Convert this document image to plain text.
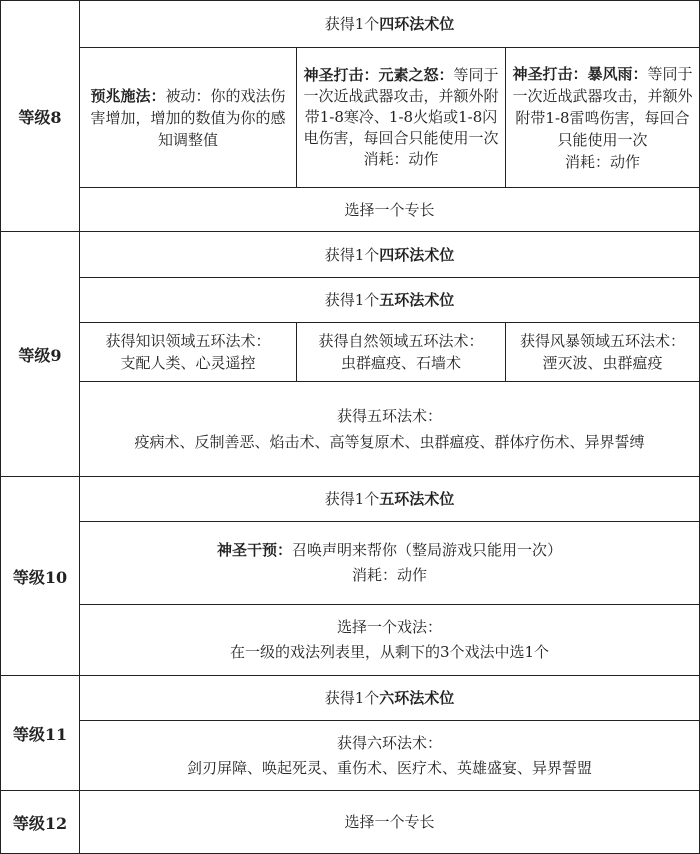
等级8
获得1个四环法术位
预兆施法：被动：你的戏法伤害增加，增加的数值为你的感知调整值
神圣打击：元素之怒：等同于一次近战武器攻击，并额外附带1-8寒冷、1-8火焰或1-8闪电伤害，每回合只能使用一次
消耗：动作
神圣打击：暴风雨：等同于一次近战武器攻击，并额外附带1-8雷鸣伤害，每回合只能使用一次
消耗：动作
选择一个专长
等级9
获得1个四环法术位
获得1个五环法术位
获得知识领域五环法术：
支配人类、心灵遥控
获得自然领域五环法术：
虫群瘟疫、石墙术
获得风暴领域五环法术：
湮灭波、虫群瘟疫
获得五环法术：
疫病术、反制善恶、焰击术、高等复原术、虫群瘟疫、群体疗伤术、异界誓缚
等级10
获得1个五环法术位
神圣干预：召唤声明来帮你（整局游戏只能用一次）
消耗：动作
选择一个戏法：
在一级的戏法列表里，从剩下的3个戏法中选1个
等级11
获得1个六环法术位
获得六环法术：
剑刃屏障、唤起死灵、重伤术、医疗术、英雄盛宴、异界誓盟
等级12	选择一个专长
